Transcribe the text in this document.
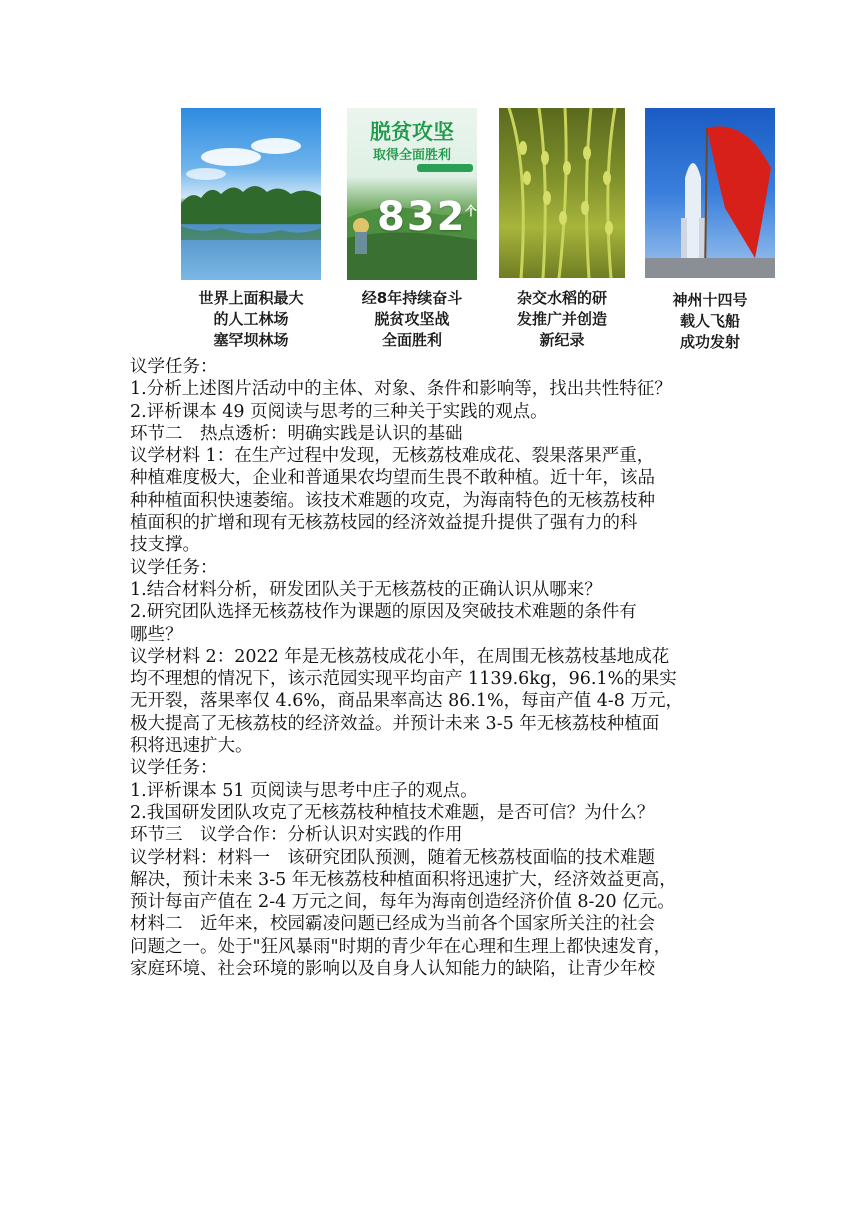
世界上面积最大
的人工林场
塞罕坝林场
脱贫攻坚
取得全面胜利
832
个
经8年持续奋斗
脱贫攻坚战
全面胜利
杂交水稻的研
发推广并创造
新纪录
神州十四号
载人飞船
成功发射

议学任务：

1.分析上述图片活动中的主体、对象、条件和影响等，找出共性特征？

2.评析课本 49 页阅读与思考的三种关于实践的观点。

环节二　热点透析：明确实践是认识的基础

议学材料 1：在生产过程中发现，无核荔枝难成花、裂果落果严重，

种植难度极大，企业和普通果农均望而生畏不敢种植。近十年，该品

种种植面积快速萎缩。该技术难题的攻克，为海南特色的无核荔枝种

植面积的扩增和现有无核荔枝园的经济效益提升提供了强有力的科

技支撑。

议学任务：

1.结合材料分析，研发团队关于无核荔枝的正确认识从哪来？

2.研究团队选择无核荔枝作为课题的原因及突破技术难题的条件有

哪些？

议学材料 2：2022 年是无核荔枝成花小年，在周围无核荔枝基地成花

均不理想的情况下，该示范园实现平均亩产 1139.6kg，96.1%的果实

无开裂，落果率仅 4.6%，商品果率高达 86.1%，每亩产值 4-8 万元，

极大提高了无核荔枝的经济效益。并预计未来 3-5 年无核荔枝种植面

积将迅速扩大。

议学任务：

1.评析课本 51 页阅读与思考中庄子的观点。

2.我国研发团队攻克了无核荔枝种植技术难题，是否可信？为什么？

环节三　议学合作：分析认识对实践的作用

议学材料：材料一　该研究团队预测，随着无核荔枝面临的技术难题

解决，预计未来 3-5 年无核荔枝种植面积将迅速扩大，经济效益更高，

预计每亩产值在 2-4 万元之间，每年为海南创造经济价值 8-20 亿元。

材料二　近年来，校园霸凌问题已经成为当前各个国家所关注的社会

问题之一。处于"狂风暴雨"时期的青少年在心理和生理上都快速发育，

家庭环境、社会环境的影响以及自身人认知能力的缺陷，让青少年校
